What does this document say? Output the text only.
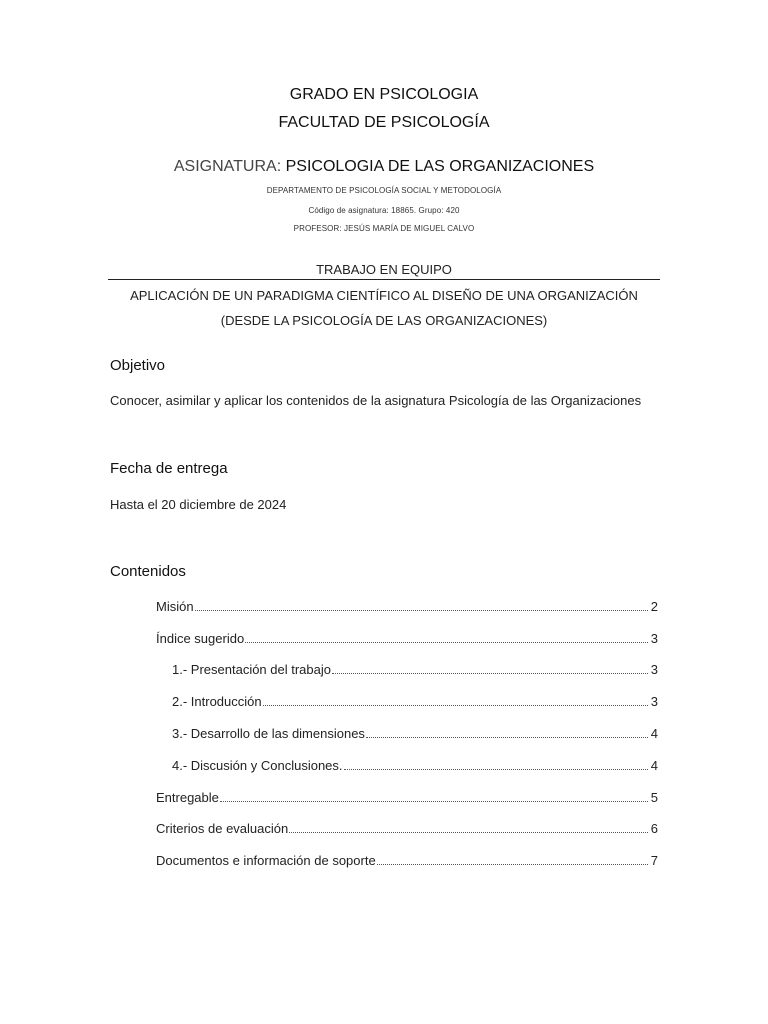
GRADO EN PSICOLOGIA
FACULTAD DE PSICOLOGÍA
ASIGNATURA: PSICOLOGIA DE LAS ORGANIZACIONES
DEPARTAMENTO DE PSICOLOGÍA SOCIAL Y METODOLOGÍA
Código de asignatura: 18865. Grupo: 420
PROFESOR: JESÚS MARÍA DE MIGUEL CALVO
TRABAJO EN EQUIPO
APLICACIÓN DE UN PARADIGMA CIENTÍFICO AL DISEÑO DE UNA ORGANIZACIÓN
(DESDE LA PSICOLOGÍA DE LAS ORGANIZACIONES)
Objetivo
Conocer, asimilar y aplicar los contenidos de la asignatura Psicología de las Organizaciones
Fecha de entrega
Hasta el 20 diciembre de 2024
Contenidos
Misión	2
Índice sugerido	3
1.- Presentación del trabajo	3
2.- Introducción	3
3.- Desarrollo de las dimensiones	4
4.- Discusión y Conclusiones.	4
Entregable	5
Criterios de evaluación	6
Documentos e información de soporte	7
